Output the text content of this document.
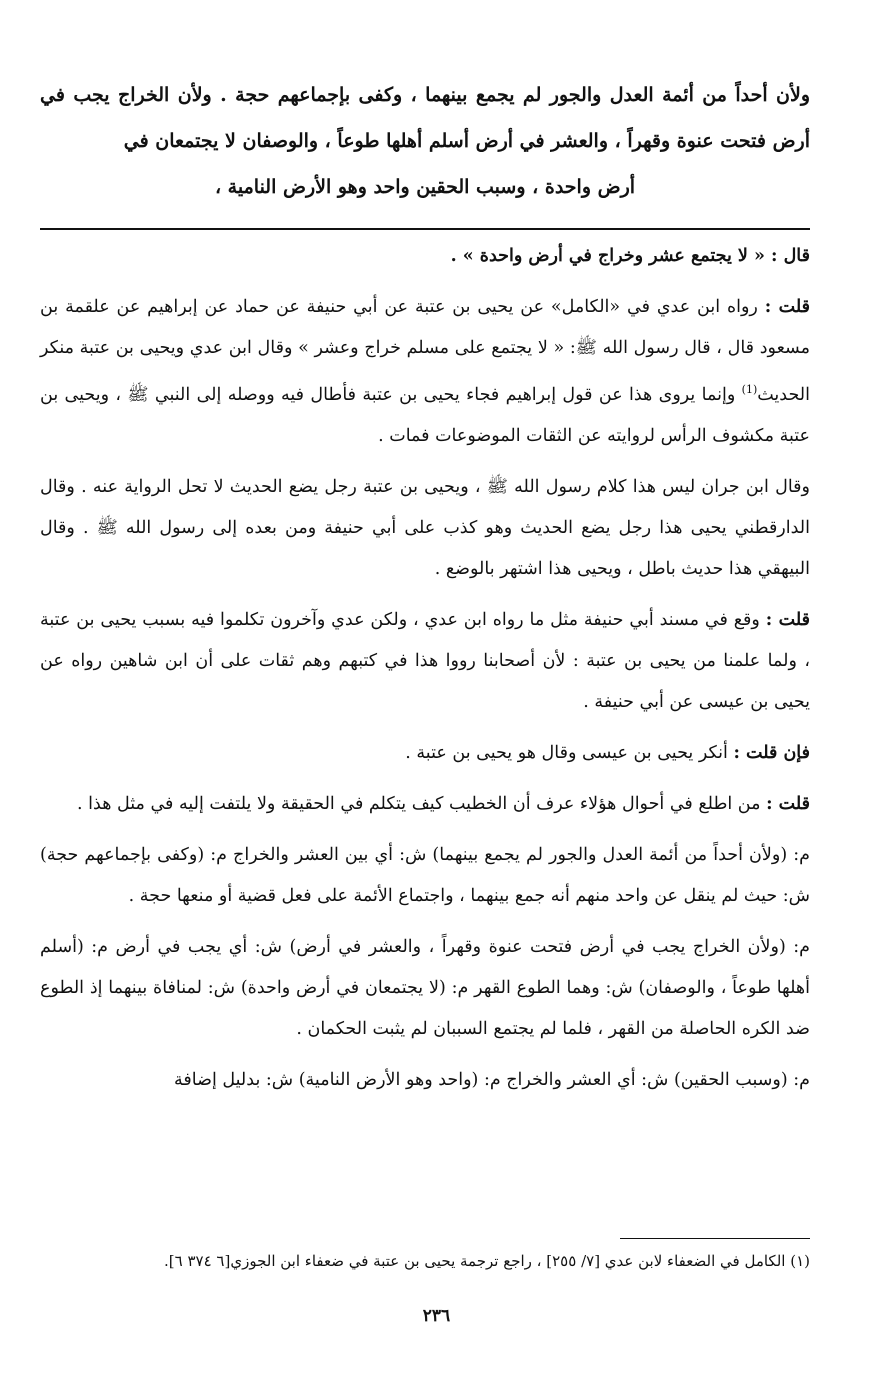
ولأن أحداً من أئمة العدل والجور لم يجمع بينهما ، وكفى بإجماعهم حجة . ولأن الخراج يجب في أرض فتحت عنوة وقهراً ، والعشر في أرض أسلم أهلها طوعاً ، والوصفان لا يجتمعان في
أرض واحدة ، وسبب الحقين واحد وهو الأرض النامية ،

قال : « لا يجتمع عشر وخراج في أرض واحدة » .

قلت : رواه ابن عدي في «الكامل» عن يحيى بن عتبة عن أبي حنيفة عن حماد عن إبراهيم عن علقمة بن مسعود قال ، قال رسول الله ﷺ: « لا يجتمع على مسلم خراج وعشر » وقال ابن عدي ويحيى بن عتبة منكر الحديث$^{(1)}$ وإنما يروى هذا عن قول إبراهيم فجاء يحيى بن عتبة فأطال فيه ووصله إلى النبي ﷺ ، ويحيى بن عتبة مكشوف الرأس لروايته عن الثقات الموضوعات فمات .

وقال ابن جران ليس هذا كلام رسول الله ﷺ ، ويحيى بن عتبة رجل يضع الحديث لا تحل الرواية عنه . وقال الدارقطني يحيى هذا رجل يضع الحديث وهو كذب على أبي حنيفة ومن بعده إلى رسول الله ﷺ . وقال البيهقي هذا حديث باطل ، ويحيى هذا اشتهر بالوضع .

قلت : وقع في مسند أبي حنيفة مثل ما رواه ابن عدي ، ولكن عدي وآخرون تكلموا فيه بسبب يحيى بن عتبة ، ولما علمنا من يحيى بن عتبة : لأن أصحابنا رووا هذا في كتبهم وهم ثقات على أن ابن شاهين رواه عن يحيى بن عيسى عن أبي حنيفة .

فإن قلت : أنكر يحيى بن عيسى وقال هو يحيى بن عتبة .

قلت : من اطلع في أحوال هؤلاء عرف أن الخطيب كيف يتكلم في الحقيقة ولا يلتفت إليه في مثل هذا .

م: (ولأن أحداً من أئمة العدل والجور لم يجمع بينهما) ش: أي بين العشر والخراج م: (وكفى بإجماعهم حجة) ش: حيث لم ينقل عن واحد منهم أنه جمع بينهما ، واجتماع الأئمة على فعل قضية أو منعها حجة .

م: (ولأن الخراج يجب في أرض فتحت عنوة وقهراً ، والعشر في أرض) ش: أي يجب في أرض م: (أسلم أهلها طوعاً ، والوصفان) ش: وهما الطوع القهر م: (لا يجتمعان في أرض واحدة) ش: لمنافاة بينهما إذ الطوع ضد الكره الحاصلة من القهر ، فلما لم يجتمع السببان لم يثبت الحكمان .

م: (وسبب الحقين) ش: أي العشر والخراج م: (واحد وهو الأرض النامية) ش: بدليل إضافة

(١) الكامل في الضعفاء لابن عدي [٧/ ٢٥٥] ، راجع ترجمة يحيى بن عتبة في ضعفاء ابن الجوزي[٦ ٣٧٤ ٦].
٢٣٦
